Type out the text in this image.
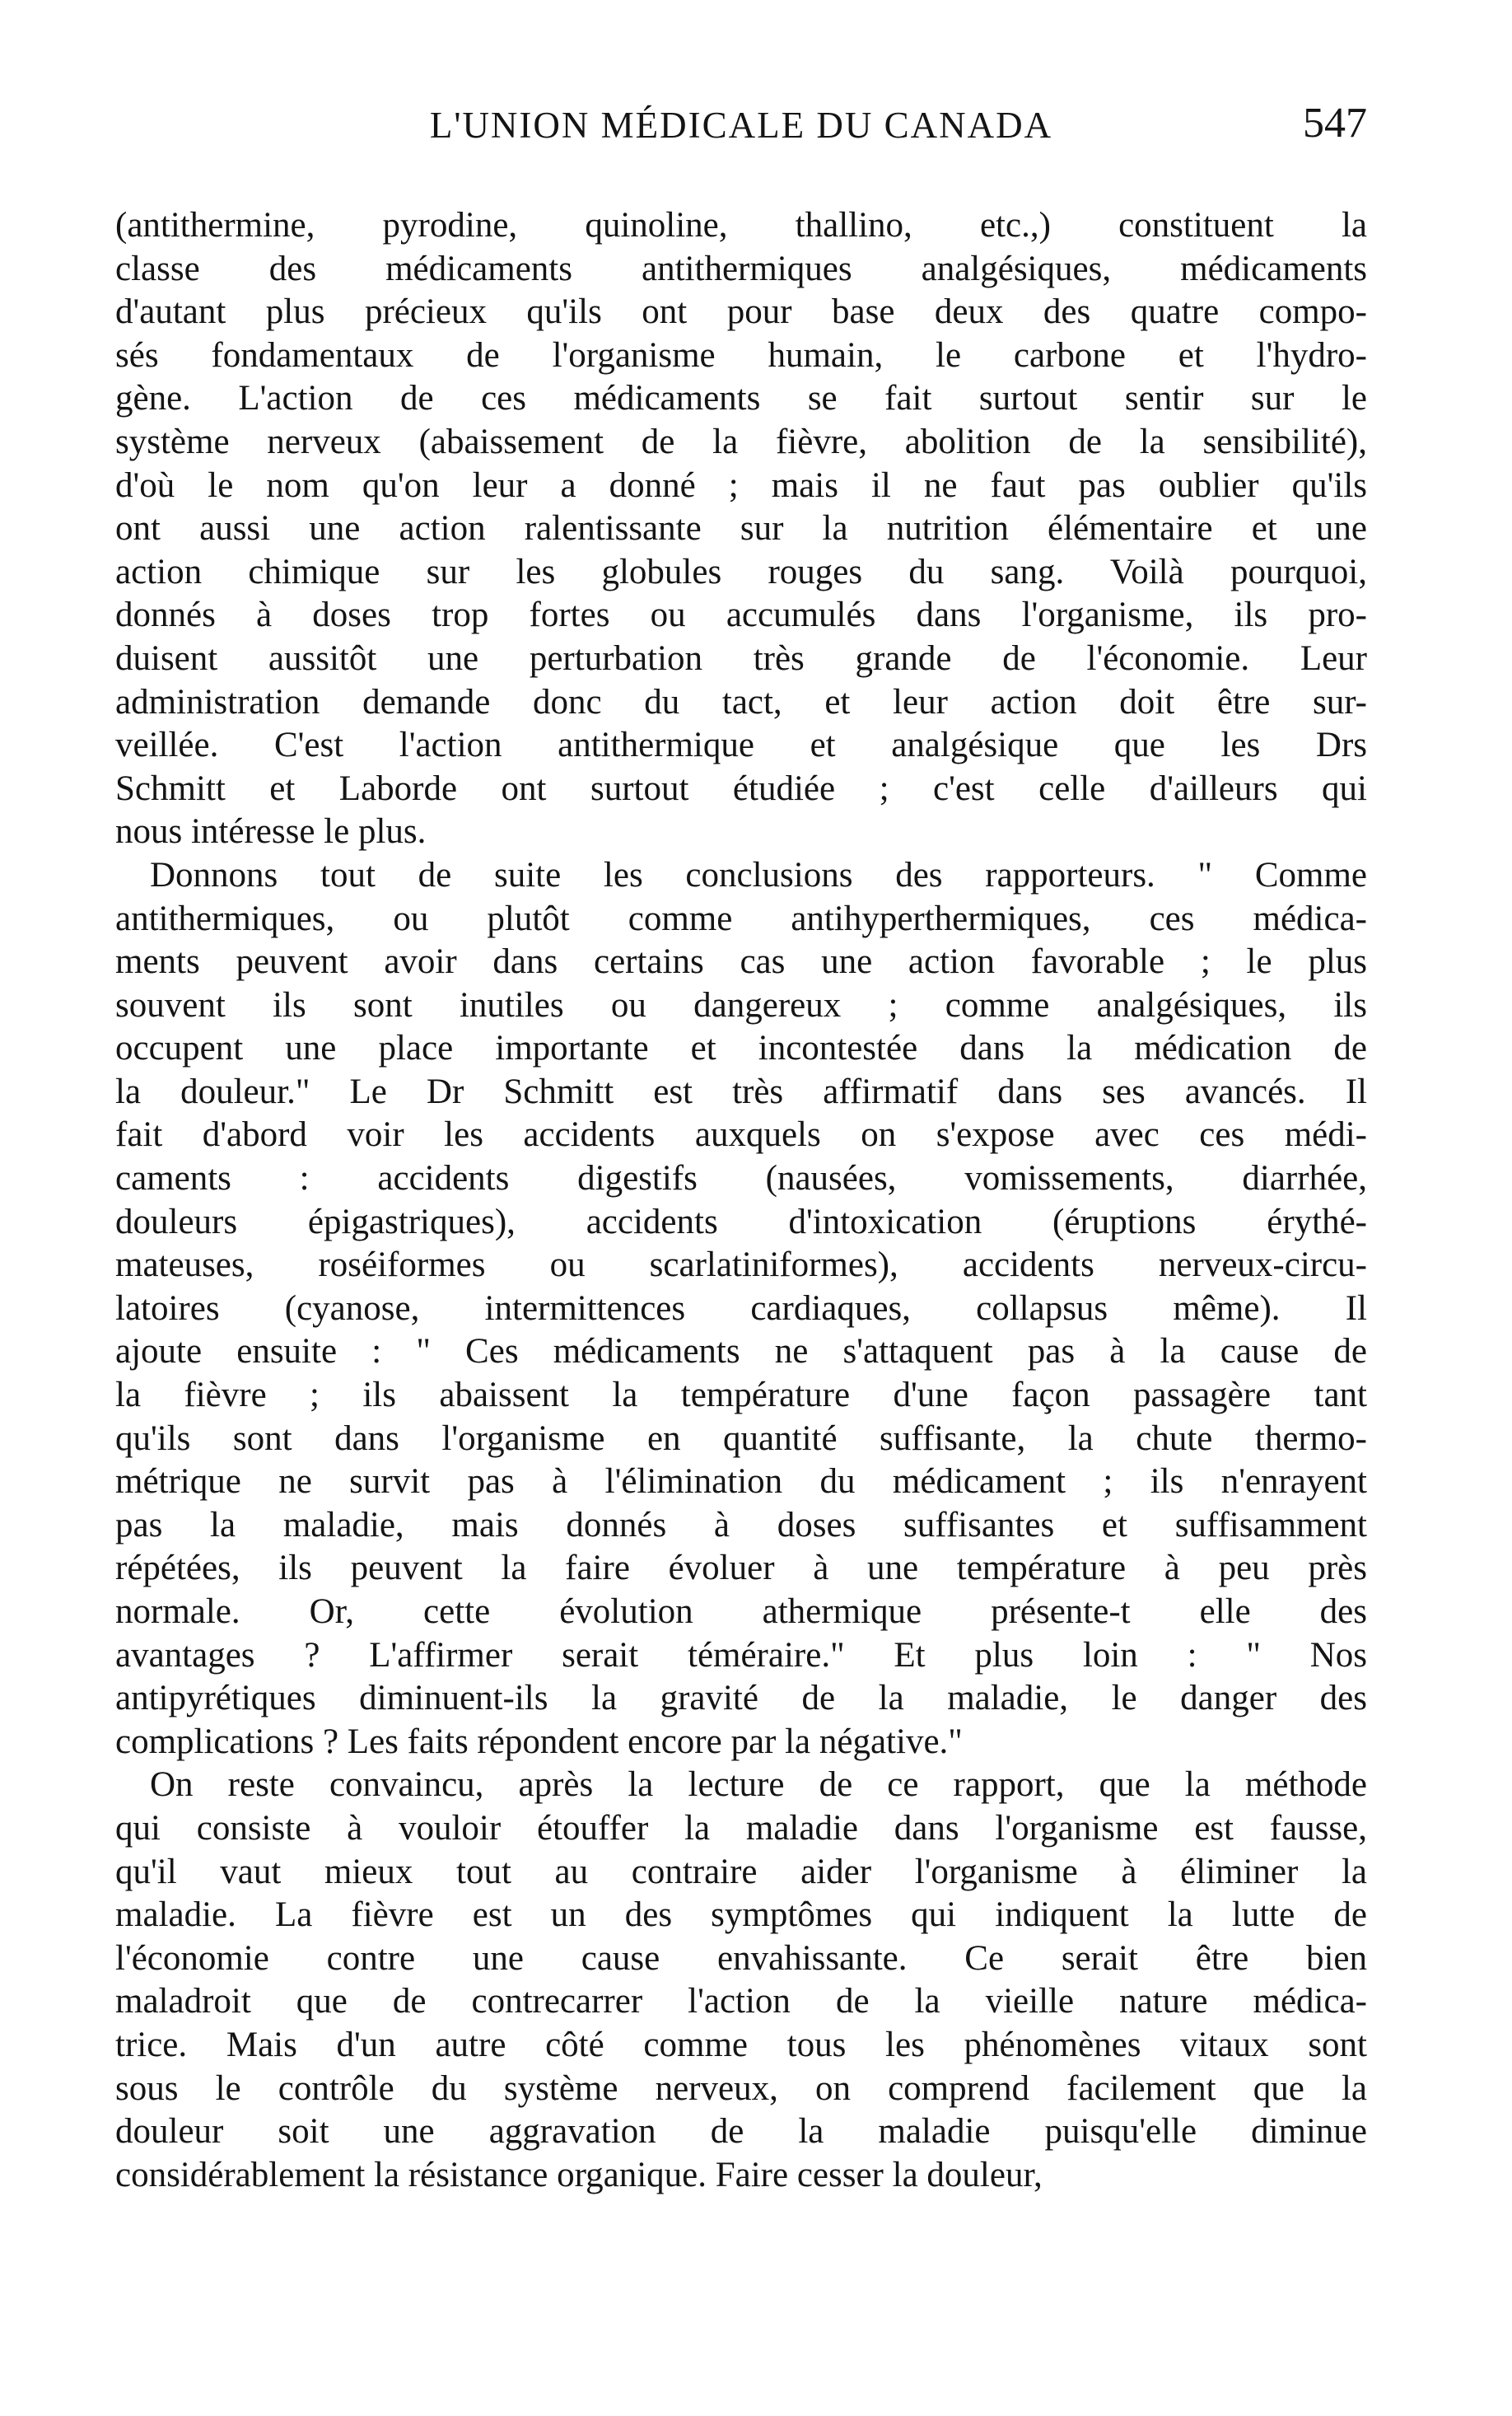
L'UNION MÉDICALE DU CANADA	547
(antithermine, pyrodine, quinoline, thallino, etc.,) constituent la
classe des médicaments antithermiques analgésiques, médicaments
d'autant plus précieux qu'ils ont pour base deux des quatre compo-
sés fondamentaux de l'organisme humain, le carbone et l'hydro-
gène. L'action de ces médicaments se fait surtout sentir sur le
système nerveux (abaissement de la fièvre, abolition de la sensibilité),
d'où le nom qu'on leur a donné ; mais il ne faut pas oublier qu'ils
ont aussi une action ralentissante sur la nutrition élémentaire et une
action chimique sur les globules rouges du sang. Voilà pourquoi,
donnés à doses trop fortes ou accumulés dans l'organisme, ils pro-
duisent aussitôt une perturbation très grande de l'économie. Leur
administration demande donc du tact, et leur action doit être sur-
veillée. C'est l'action antithermique et analgésique que les Drs
Schmitt et Laborde ont surtout étudiée ; c'est celle d'ailleurs qui
nous intéresse le plus.
Donnons tout de suite les conclusions des rapporteurs. " Comme
antithermiques, ou plutôt comme antihyperthermiques, ces médica-
ments peuvent avoir dans certains cas une action favorable ; le plus
souvent ils sont inutiles ou dangereux ; comme analgésiques, ils
occupent une place importante et incontestée dans la médication de
la douleur." Le Dr Schmitt est très affirmatif dans ses avancés. Il
fait d'abord voir les accidents auxquels on s'expose avec ces médi-
caments : accidents digestifs (nausées, vomissements, diarrhée,
douleurs épigastriques), accidents d'intoxication (éruptions érythé-
mateuses, roséiformes ou scarlatiniformes), accidents nerveux-circu-
latoires (cyanose, intermittences cardiaques, collapsus même). Il
ajoute ensuite : " Ces médicaments ne s'attaquent pas à la cause de
la fièvre ; ils abaissent la température d'une façon passagère tant
qu'ils sont dans l'organisme en quantité suffisante, la chute thermo-
métrique ne survit pas à l'élimination du médicament ; ils n'enrayent
pas la maladie, mais donnés à doses suffisantes et suffisamment
répétées, ils peuvent la faire évoluer à une température à peu près
normale. Or, cette évolution athermique présente-t elle des
avantages ? L'affirmer serait téméraire." Et plus loin : " Nos
antipyrétiques diminuent-ils la gravité de la maladie, le danger des
complications ? Les faits répondent encore par la négative."
On reste convaincu, après la lecture de ce rapport, que la méthode
qui consiste à vouloir étouffer la maladie dans l'organisme est fausse,
qu'il vaut mieux tout au contraire aider l'organisme à éliminer la
maladie. La fièvre est un des symptômes qui indiquent la lutte de
l'économie contre une cause envahissante. Ce serait être bien
maladroit que de contrecarrer l'action de la vieille nature médica-
trice. Mais d'un autre côté comme tous les phénomènes vitaux sont
sous le contrôle du système nerveux, on comprend facilement que la
douleur soit une aggravation de la maladie puisqu'elle diminue
considérablement la résistance organique. Faire cesser la douleur,
